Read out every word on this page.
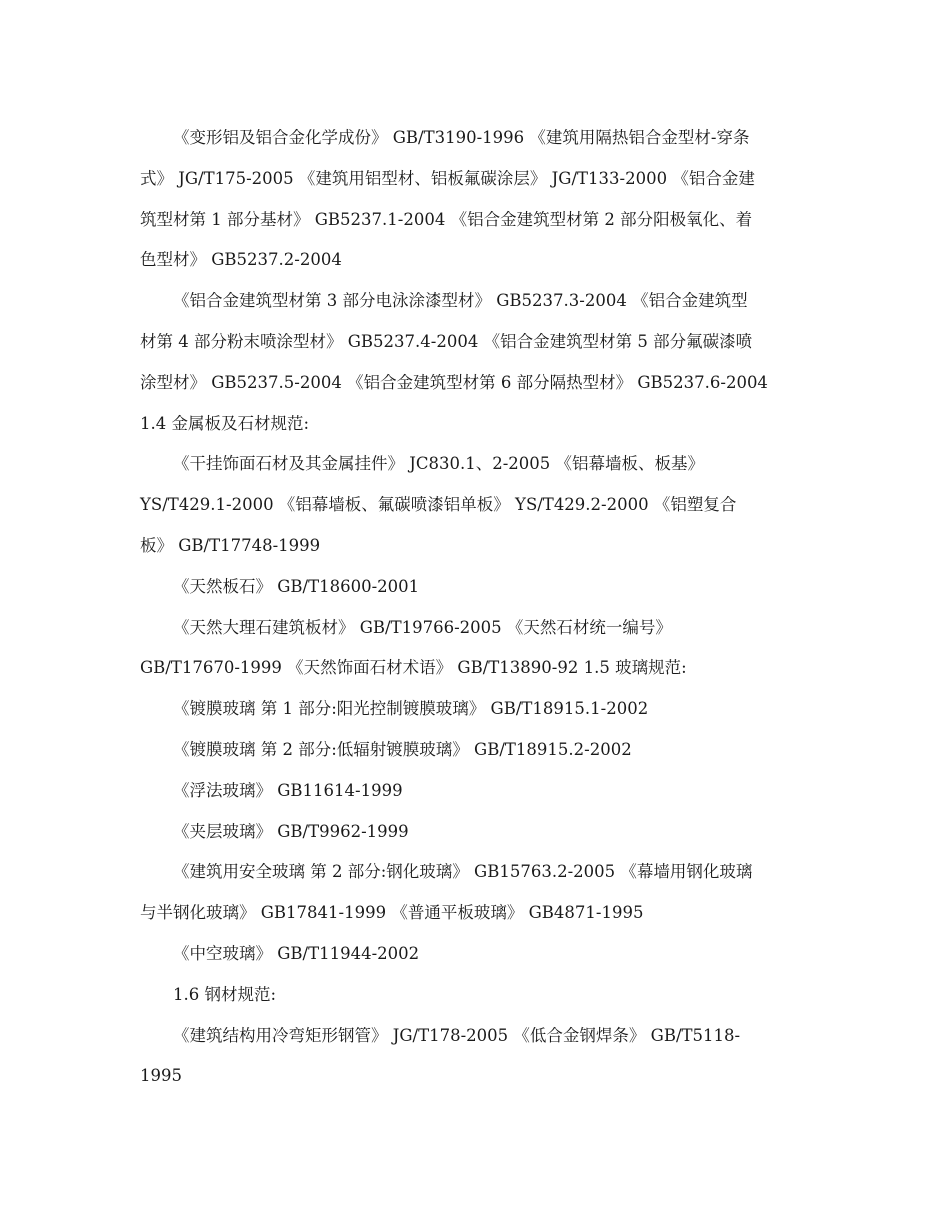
《变形铝及铝合金化学成份》 GB/T3190-1996 《建筑用隔热铝合金型材-穿条
式》 JG/T175-2005 《建筑用铝型材、铝板氟碳涂层》 JG/T133-2000 《铝合金建
筑型材第 1 部分基材》 GB5237.1-2004 《铝合金建筑型材第 2 部分阳极氧化、着
色型材》 GB5237.2-2004

《铝合金建筑型材第 3 部分电泳涂漆型材》 GB5237.3-2004 《铝合金建筑型
材第 4 部分粉末喷涂型材》 GB5237.4-2004 《铝合金建筑型材第 5 部分氟碳漆喷
涂型材》 GB5237.5-2004 《铝合金建筑型材第 6 部分隔热型材》 GB5237.6-2004
1.4 金属板及石材规范:

《干挂饰面石材及其金属挂件》 JC830.1、2-2005 《铝幕墙板、板基》
YS/T429.1-2000 《铝幕墙板、氟碳喷漆铝单板》 YS/T429.2-2000 《铝塑复合
板》 GB/T17748-1999

《天然板石》 GB/T18600-2001

《天然大理石建筑板材》 GB/T19766-2005 《天然石材统一编号》
GB/T17670-1999 《天然饰面石材术语》 GB/T13890-92 1.5 玻璃规范:

《镀膜玻璃 第 1 部分:阳光控制镀膜玻璃》 GB/T18915.1-2002

《镀膜玻璃 第 2 部分:低辐射镀膜玻璃》 GB/T18915.2-2002

《浮法玻璃》 GB11614-1999

《夹层玻璃》 GB/T9962-1999

《建筑用安全玻璃 第 2 部分:钢化玻璃》 GB15763.2-2005 《幕墙用钢化玻璃
与半钢化玻璃》 GB17841-1999 《普通平板玻璃》 GB4871-1995

《中空玻璃》 GB/T11944-2002

1.6 钢材规范:

《建筑结构用冷弯矩形钢管》 JG/T178-2005 《低合金钢焊条》 GB/T5118-
1995
